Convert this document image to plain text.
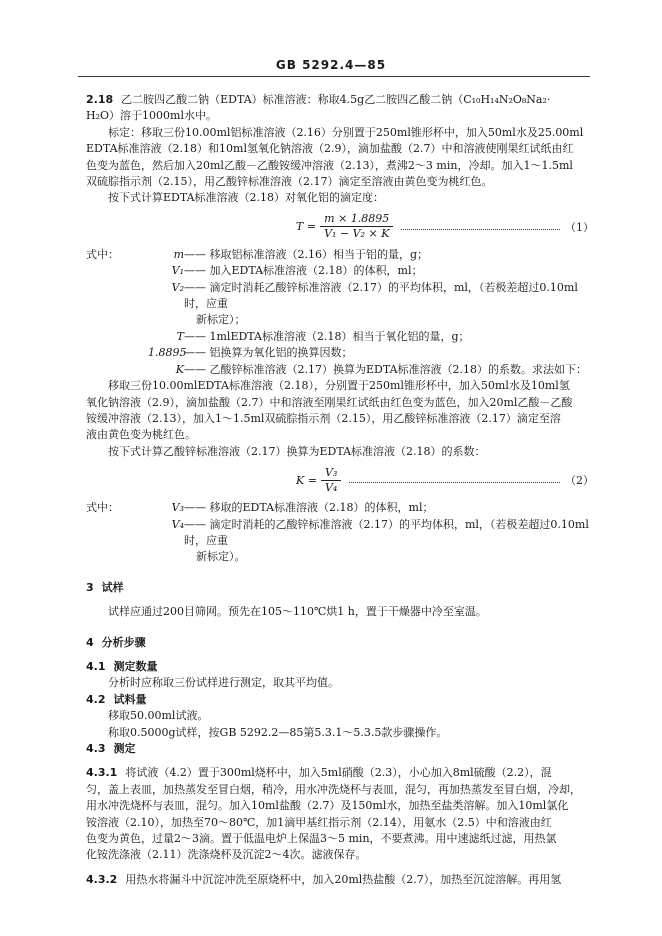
GB 5292.4—85

2.18 乙二胺四乙酸二钠（EDTA）标准溶液：称取4.5g乙二胺四乙酸二钠（C₁₀H₁₄N₂O₈Na₂·

H₂O）溶于1000ml水中。

标定：移取三份10.00ml铝标准溶液（2.16）分别置于250ml锥形杯中，加入50ml水及25.00ml

EDTA标准溶液（2.18）和10ml氢氧化钠溶液（2.9），滴加盐酸（2.7）中和溶液使刚果红试纸由红

色变为蓝色，然后加入20ml乙酸－乙酸铵缓冲溶液（2.13），煮沸2～3 min，冷却。加入1～1.5ml

双硫腙指示剂（2.15），用乙酸锌标准溶液（2.17）滴定至溶液由黄色变为桃红色。

按下式计算EDTA标准溶液（2.18）对氧化铝的滴定度：

$T = \frac{m \times 1.8895}{\text{V₁ − V₂ × K}}$	（1）
式中：	m —— 移取铝标准溶液（2.16）相当于铝的量，g；
V₁ —— 加入EDTA标准溶液（2.18）的体积，ml；
V₂ —— 滴定时消耗乙酸锌标准溶液（2.17）的平均体积，ml，（若极差超过0.10ml时，应重
新标定）；
T —— 1mlEDTA标准溶液（2.18）相当于氧化铝的量，g；
1.8895
—— 铝换算为氧化铝的换算因数；
K —— 乙酸锌标准溶液（2.17）换算为EDTA标准溶液（2.18）的系数。求法如下：

移取三份10.00mlEDTA标准溶液（2.18），分别置于250ml锥形杯中，加入50ml水及10ml氢

氧化钠溶液（2.9），滴加盐酸（2.7）中和溶液至刚果红试纸由红色变为蓝色，加入20ml乙酸－乙酸

铵缓冲溶液（2.13），加入1～1.5ml双硫腙指示剂（2.15），用乙酸锌标准溶液（2.17）滴定至溶

液由黄色变为桃红色。

按下式计算乙酸锌标准溶液（2.17）换算为EDTA标准溶液（2.18）的系数：

$K = \frac{\text{V₃}}{\text{V₄}}$	（2）
式中：	V₃ —— 移取的EDTA标准溶液（2.18）的体积，ml；
V₄ —— 滴定时消耗的乙酸锌标准溶液（2.17）的平均体积，ml，（若极差超过0.10ml时，应重
新标定）。

3 试样

试样应通过200目筛网。预先在105～110℃烘1 h，置于干燥器中冷至室温。

4 分析步骤

4.1 测定数量

分析时应称取三份试样进行测定，取其平均值。

4.2 试料量

移取50.00ml试液。

称取0.5000g试样，按GB 5292.2—85第5.3.1～5.3.5款步骤操作。

4.3 测定

4.3.1 将试液（4.2）置于300ml烧杯中，加入5ml硝酸（2.3），小心加入8ml硫酸（2.2），混

匀，盖上表皿，加热蒸发至冒白烟，稍冷，用水冲洗烧杯与表皿，混匀，再加热蒸发至冒白烟，冷却，

用水冲洗烧杯与表皿，混匀。加入10ml盐酸（2.7）及150ml水，加热至盐类溶解。加入10ml氯化

铵溶液（2.10），加热至70～80℃，加1滴甲基红指示剂（2.14），用氨水（2.5）中和溶液由红

色变为黄色，过量2～3滴。置于低温电炉上保温3～5 min，不要煮沸。用中速滤纸过滤，用热氯

化铵洗涤液（2.11）洗涤烧杯及沉淀2～4次。滤液保存。

4.3.2 用热水将漏斗中沉淀冲洗至原烧杯中，加入20ml热盐酸（2.7），加热至沉淀溶解。再用氢
